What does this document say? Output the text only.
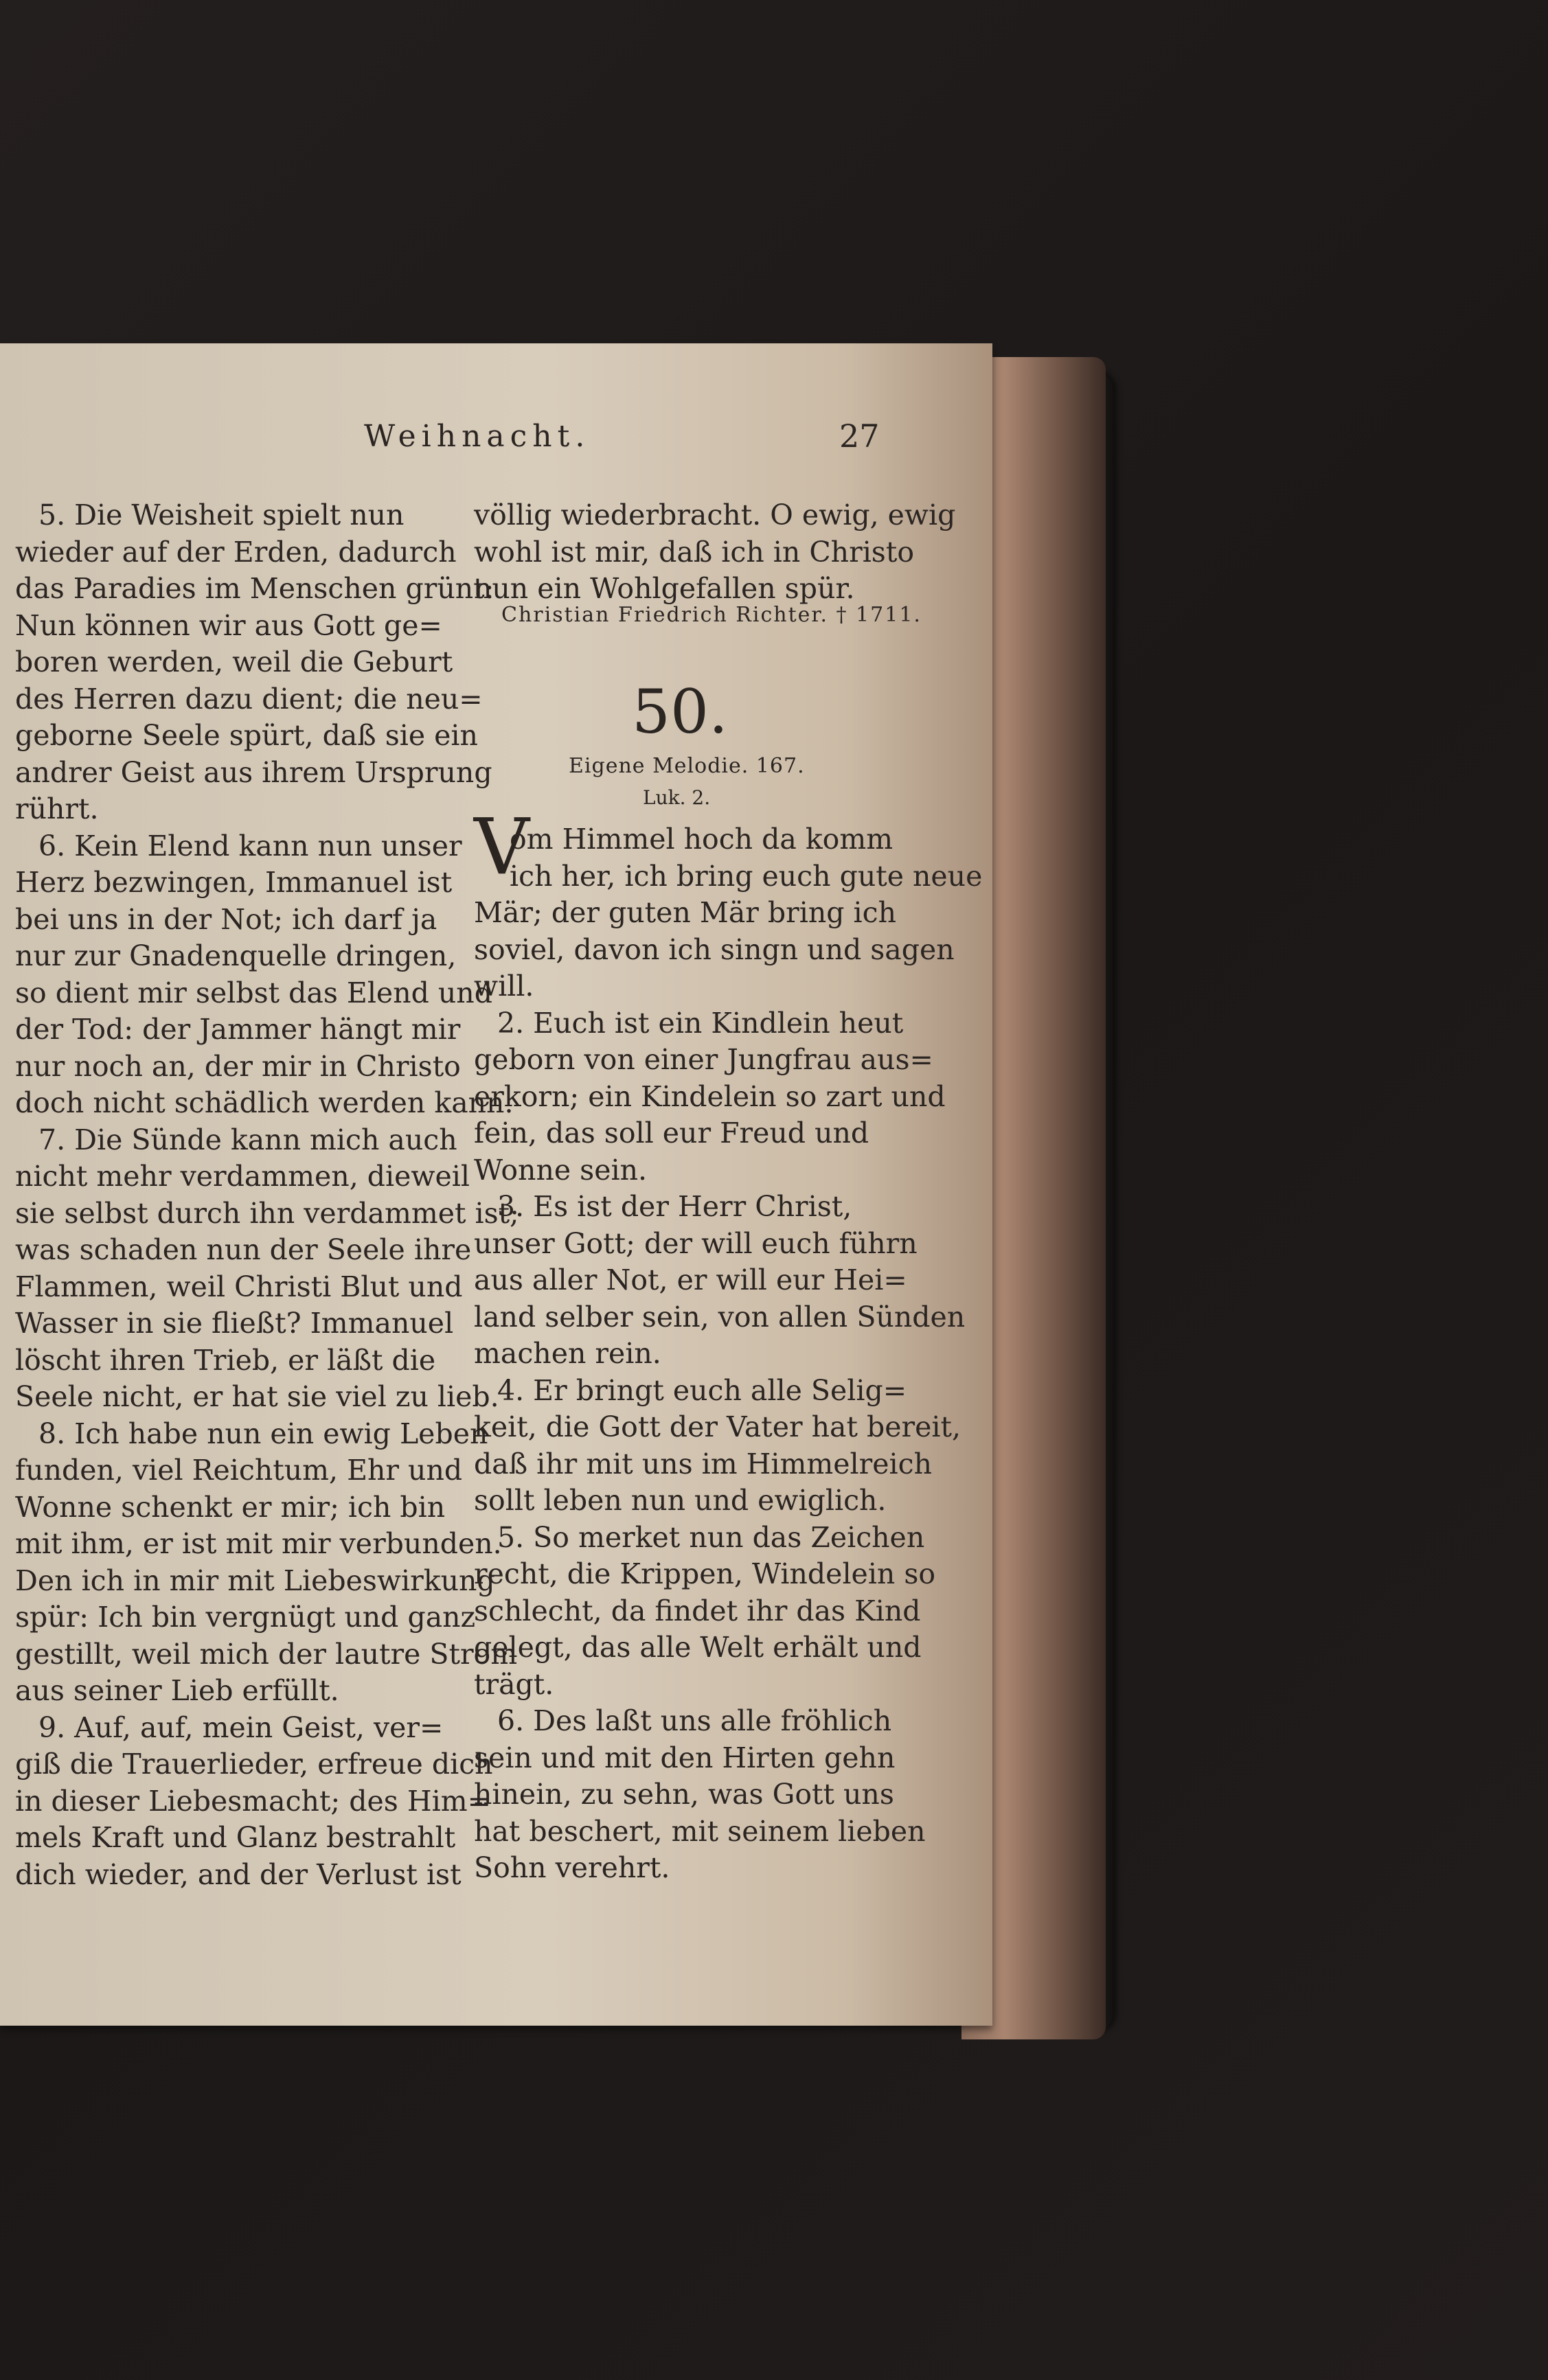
Weihnacht.	27
5. Die Weisheit spielt nun
wieder auf der Erden, dadurch
das Paradies im Menschen grünt:
Nun können wir aus Gott ge=
boren werden, weil die Geburt
des Herren dazu dient; die neu=
geborne Seele spürt, daß sie ein
andrer Geist aus ihrem Ursprung
rührt.
6. Kein Elend kann nun unser
Herz bezwingen, Immanuel ist
bei uns in der Not; ich darf ja
nur zur Gnadenquelle dringen,
so dient mir selbst das Elend und
der Tod: der Jammer hängt mir
nur noch an, der mir in Christo
doch nicht schädlich werden kann.
7. Die Sünde kann mich auch
nicht mehr verdammen, dieweil
sie selbst durch ihn verdammet ist;
was schaden nun der Seele ihre
Flammen, weil Christi Blut und
Wasser in sie fließt? Immanuel
löscht ihren Trieb, er läßt die
Seele nicht, er hat sie viel zu lieb.
8. Ich habe nun ein ewig Leben
funden, viel Reichtum, Ehr und
Wonne schenkt er mir; ich bin
mit ihm, er ist mit mir verbunden.
Den ich in mir mit Liebeswirkung
spür: Ich bin vergnügt und ganz
gestillt, weil mich der lautre Strom
aus seiner Lieb erfüllt.
9. Auf, auf, mein Geist, ver=
giß die Trauerlieder, erfreue dich
in dieser Liebesmacht; des Him=
mels Kraft und Glanz bestrahlt
dich wieder, and der Verlust ist
völlig wiederbracht. O ewig, ewig
wohl ist mir, daß ich in Christo
nun ein Wohlgefallen spür.
Christian Friedrich Richter. † 1711.
50.
Eigene Melodie. 167.
Luk. 2.
V
om Himmel hoch da komm
ich her, ich bring euch gute neue
Mär; der guten Mär bring ich
soviel, davon ich singn und sagen
will.
2. Euch ist ein Kindlein heut
geborn von einer Jungfrau aus=
erkorn; ein Kindelein so zart und
fein, das soll eur Freud und
Wonne sein.
3. Es ist der Herr Christ,
unser Gott; der will euch führn
aus aller Not, er will eur Hei=
land selber sein, von allen Sünden
machen rein.
4. Er bringt euch alle Selig=
keit, die Gott der Vater hat bereit,
daß ihr mit uns im Himmelreich
sollt leben nun und ewiglich.
5. So merket nun das Zeichen
recht, die Krippen, Windelein so
schlecht, da findet ihr das Kind
gelegt, das alle Welt erhält und
trägt.
6. Des laßt uns alle fröhlich
sein und mit den Hirten gehn
hinein, zu sehn, was Gott uns
hat beschert, mit seinem lieben
Sohn verehrt.
